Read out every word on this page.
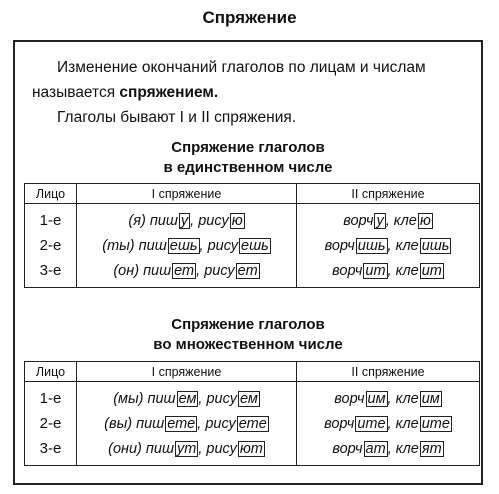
Спряжение

Изменение окончаний глаголов по лицам и числам называется спряжением.

Глаголы бывают I и II спряжения.

Спряжение глаголов
в единственном числе
Лицо	I спряжение	II спряжение
1-е	(я) пиш у , рису ю	ворч у , кле ю
2-е	(ты) пиш ешь , рису ешь	ворч ишь , кле ишь
3-е	(он) пиш ет , рису ет	ворч ит , кле ит
Спряжение глаголов
во множественном числе
Лицо	I спряжение	II спряжение
1-е	(мы) пиш ем , рису ем	ворч им , кле им
2-е	(вы) пиш ете , рису ете	ворч ите , кле ите
3-е	(они) пиш ут , рису ют	ворч ат , кле ят
